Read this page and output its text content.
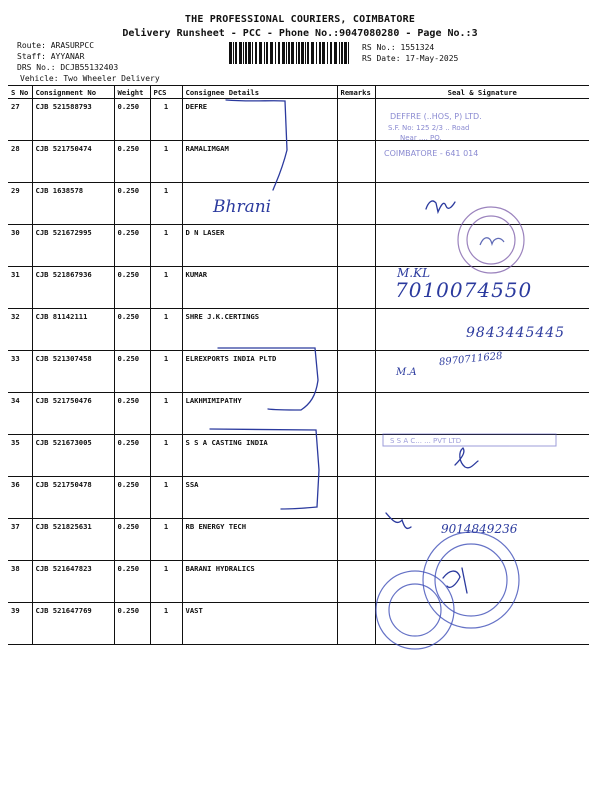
THE PROFESSIONAL COURIERS, COIMBATORE
Delivery Runsheet - PCC - Phone No.:9047080280 - Page No.:3
Route: ARASURPCC
Staff: AYYANAR
DRS No.: DCJB55132403
Vehicle: Two Wheeler Delivery
RS No.: 1551324
RS Date: 17-May-2025
S No	Consignment No	Weight	PCS	Consignee Details	Remarks	Seal & Signature
27	CJB 521588793	0.250	1	DEFRE		
28	CJB 521750474	0.250	1	RAMALIMGAM		
29	CJB 1638578	0.250	1			
30	CJB 521672995	0.250	1	D N LASER		
31	CJB 521867936	0.250	1	KUMAR		
32	CJB 81142111	0.250	1	SHRE J.K.CERTINGS		
33	CJB 521307458	0.250	1	ELREXPORTS INDIA PLTD		
34	CJB 521750476	0.250	1	LAKHMIMIPATHY		
35	CJB 521673005	0.250	1	S S A CASTING INDIA		
36	CJB 521750478	0.250	1	SSA		
37	CJB 521825631	0.250	1	RB ENERGY TECH		
38	CJB 521647823	0.250	1	BARANI HYDRALICS		
39	CJB 521647769	0.250	1	VAST		
DEFFRE (..HOS, P) LTD.
S.F. No: 125 2/3 .. Road
Near .... PO.
COIMBATORE - 641 014
S S A C... ... PVT LTD
Bhrani
M.KL
7010074550
9843445445
M.A
8970711628
9014849236
